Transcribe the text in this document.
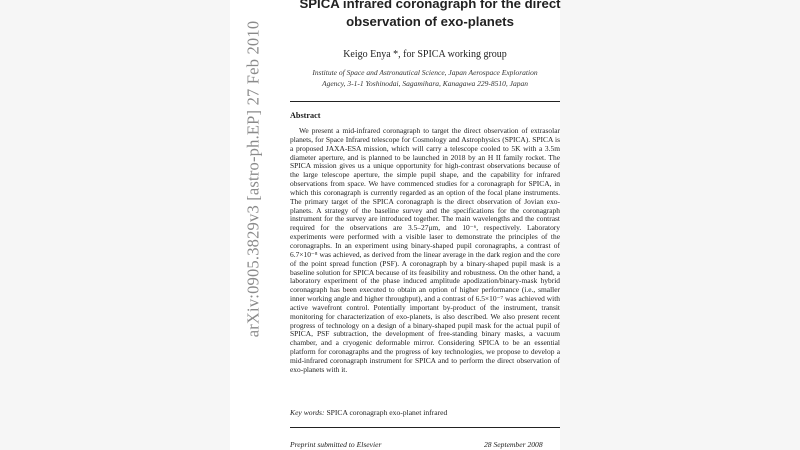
arXiv:0905.3829v3 [astro-ph.EP] 27 Feb 2010
SPICA infrared coronagraph for the direct
observation of exo-planets
Keigo Enya *, for SPICA working group
Institute of Space and Astronautical Science, Japan Aerospace Exploration
Agency, 3-1-1 Yoshinodai, Sagamihara, Kanagawa 229-8510, Japan
Abstract

We present a mid-infrared coronagraph to target the direct observation of extrasolar planets, for Space Infrared telescope for Cosmology and Astrophysics (SPICA). SPICA is a proposed JAXA-ESA mission, which will carry a telescope cooled to 5K with a 3.5m diameter aperture, and is planned to be launched in 2018 by an H II family rocket. The SPICA mission gives us a unique opportunity for high-contrast observations because of the large telescope aperture, the simple pupil shape, and the capability for infrared observations from space. We have commenced studies for a coronagraph for SPICA, in which this coronagraph is currently regarded as an option of the focal plane instruments. The primary target of the SPICA coronagraph is the direct observation of Jovian exo-planets. A strategy of the baseline survey and the specifications for the coronagraph instrument for the survey are introduced together. The main wavelengths and the contrast required for the observations are 3.5–27μm, and 10⁻⁶, respectively. Laboratory experiments were performed with a visible laser to demonstrate the principles of the coronagraphs. In an experiment using binary-shaped pupil coronagraphs, a contrast of 6.7×10⁻⁸ was achieved, as derived from the linear average in the dark region and the core of the point spread function (PSF). A coronagraph by a binary-shaped pupil mask is a baseline solution for SPICA because of its feasibility and robustness. On the other hand, a laboratory experiment of the phase induced amplitude apodization/binary-mask hybrid coronagraph has been executed to obtain an option of higher performance (i.e., smaller inner working angle and higher throughput), and a contrast of 6.5×10⁻⁷ was achieved with active wavefront control. Potentially important by-product of the instrument, transit monitoring for characterization of exo-planets, is also described. We also present recent progress of technology on a design of a binary-shaped pupil mask for the actual pupil of SPICA, PSF subtraction, the development of free-standing binary masks, a vacuum chamber, and a cryogenic deformable mirror. Considering SPICA to be an essential platform for coronagraphs and the progress of key technologies, we propose to develop a mid-infrared coronagraph instrument for SPICA and to perform the direct observation of exo-planets with it.

Key words: SPICA coronagraph exo-planet infrared
Preprint submitted to Elsevier	28 September 2008
